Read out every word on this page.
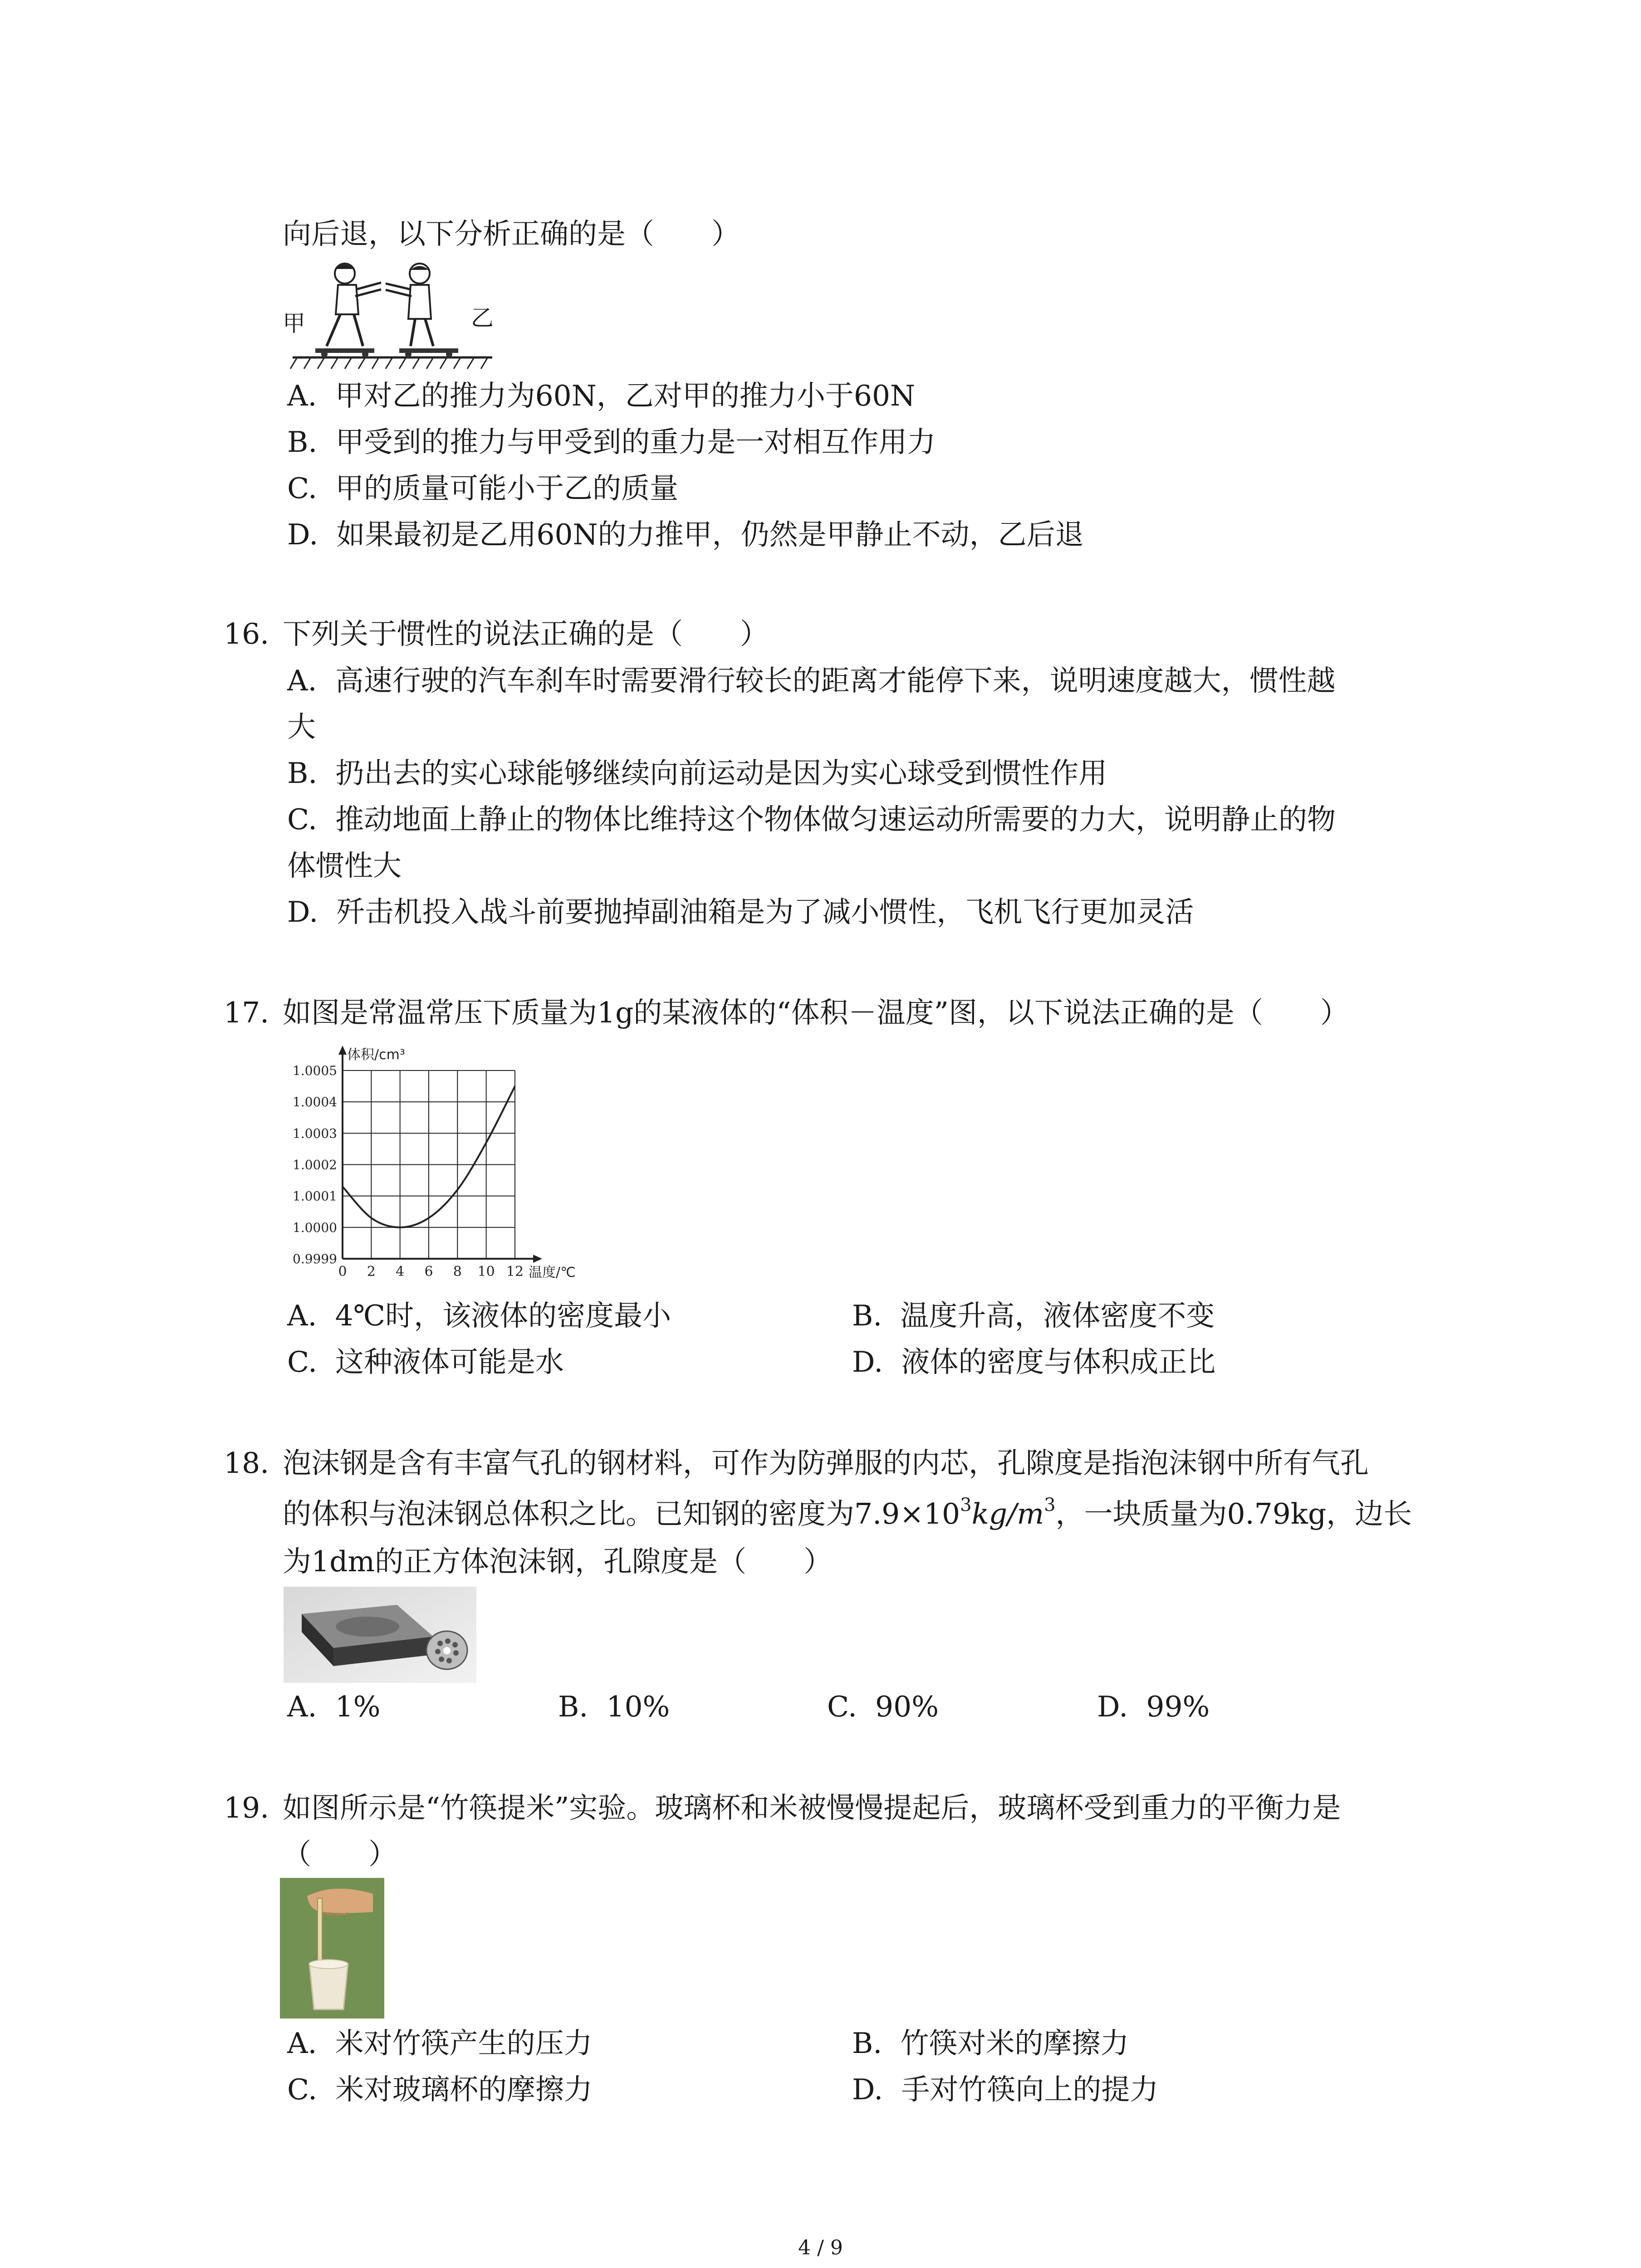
向后退，以下分析正确的是（　　）
甲	乙
A. 甲对乙的推力为60N，乙对甲的推力小于60N
B. 甲受到的推力与甲受到的重力是一对相互作用力
C. 甲的质量可能小于乙的质量
D. 如果最初是乙用60N的力推甲，仍然是甲静止不动，乙后退
16. 下列关于惯性的说法正确的是（　　）
A. 高速行驶的汽车刹车时需要滑行较长的距离才能停下来，说明速度越大，惯性越
大
B. 扔出去的实心球能够继续向前运动是因为实心球受到惯性作用
C. 推动地面上静止的物体比维持这个物体做匀速运动所需要的力大，说明静止的物
体惯性大
D. 歼击机投入战斗前要抛掉副油箱是为了减小惯性，飞机飞行更加灵活
17. 如图是常温常压下质量为1g的某液体的“体积－温度”图，以下说法正确的是（　　）
0 2 4 6 8 10 12
0.9999
1.0000
1.0001
1.0002
1.0003
1.0004
1.0005
体积/cm³
温度/℃
A. 4℃时，该液体的密度最小	B. 温度升高，液体密度不变
C. 这种液体可能是水	D. 液体的密度与体积成正比
18. 泡沫钢是含有丰富气孔的钢材料，可作为防弹服的内芯，孔隙度是指泡沫钢中所有气孔
的体积与泡沫钢总体积之比。已知钢的密度为$7.9\times 10^3kg/m^3$，一块质量为0.79kg，边长
为1dm的正方体泡沫钢，孔隙度是（　　）
A. 1%	B. 10%	C. 90%	D. 99%
19. 如图所示是“竹筷提米”实验。玻璃杯和米被慢慢提起后，玻璃杯受到重力的平衡力是
（　　）
A. 米对竹筷产生的压力	B. 竹筷对米的摩擦力
C. 米对玻璃杯的摩擦力	D. 手对竹筷向上的提力
4 / 9
